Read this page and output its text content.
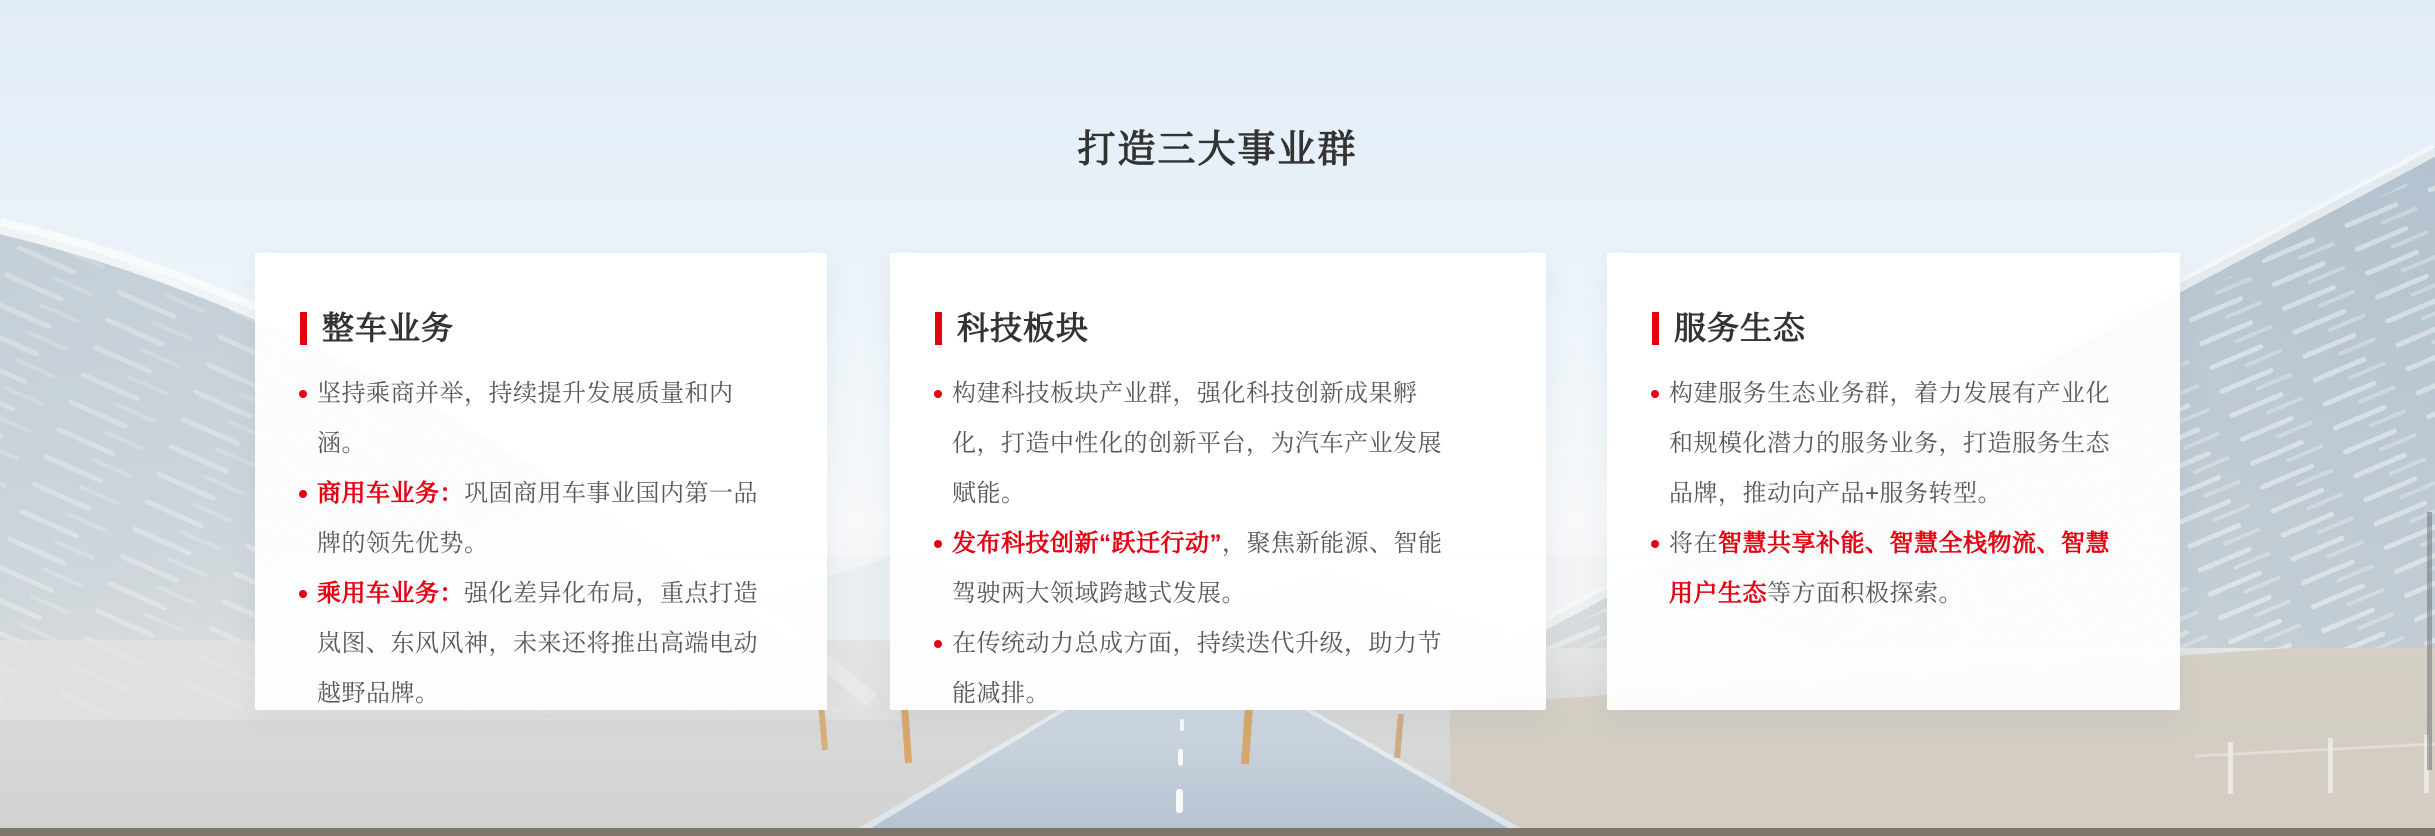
打造三大事业群
整车业务

坚持乘商并举，持续提升发展质量和内涵。

商用车业务：巩固商用车事业国内第一品牌的领先优势。

乘用车业务：强化差异化布局，重点打造岚图、东风风神，未来还将推出高端电动越野品牌。

科技板块

构建科技板块产业群，强化科技创新成果孵化，打造中性化的创新平台，为汽车产业发展赋能。

发布科技创新“跃迁行动”，聚焦新能源、智能驾驶两大领域跨越式发展。

在传统动力总成方面，持续迭代升级，助力节能减排。

服务生态

构建服务生态业务群，着力发展有产业化和规模化潜力的服务业务，打造服务生态品牌，推动向产品+服务转型。

将在智慧共享补能、智慧全栈物流、智慧用户生态等方面积极探索。
